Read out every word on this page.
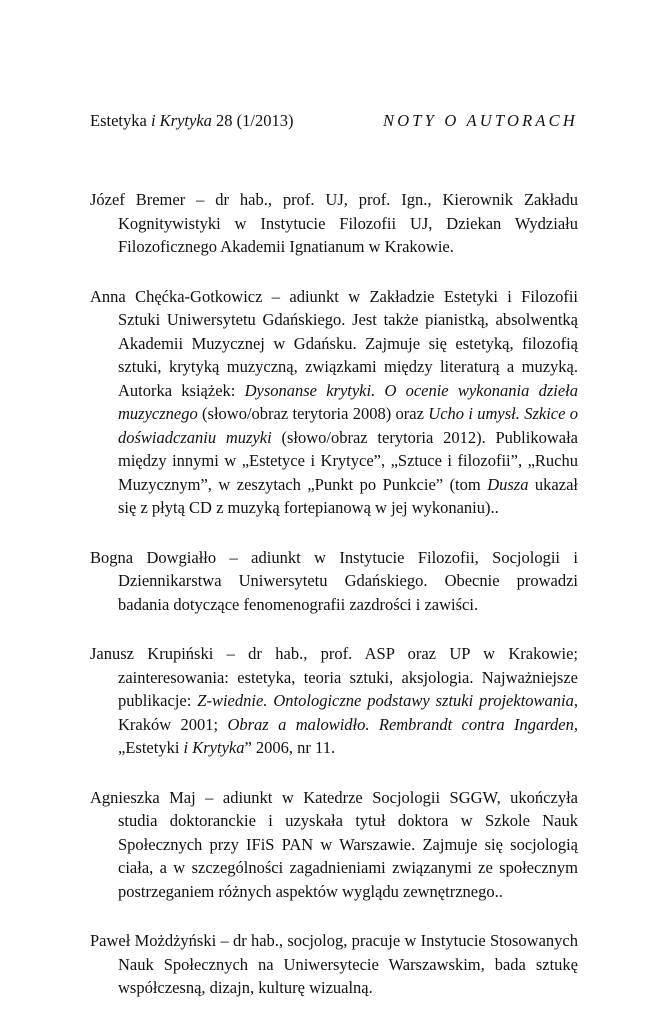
Estetyka i Krytyka 28 (1/2013)	NOTY O AUTORACH

Józef Bremer – dr hab., prof. UJ, prof. Ign., Kierownik Zakładu Kognitywistyki w Instytucie Filozofii UJ, Dziekan Wydziału Filozoficznego Akademii Ignatianum w Krakowie.

Anna Chęćka-Gotkowicz – adiunkt w Zakładzie Estetyki i Filozofii Sztuki Uniwersytetu Gdańskiego. Jest także pianistką, absolwentką Akademii Muzycznej w Gdańsku. Zajmuje się estetyką, filozofią sztuki, krytyką muzyczną, związkami między literaturą a muzyką. Autorka książek: Dysonanse krytyki. O ocenie wykonania dzieła muzycznego (słowo/obraz terytoria 2008) oraz Ucho i umysł. Szkice o doświadczaniu muzyki (słowo/obraz terytoria 2012). Publikowała między innymi w „Estetyce i Krytyce”, „Sztuce i filozofii”, „Ruchu Muzycznym”, w zeszytach „Punkt po Punkcie” (tom Dusza ukazał się z płytą CD z muzyką fortepianową w jej wykonaniu)..

Bogna Dowgiałło – adiunkt w Instytucie Filozofii, Socjologii i Dziennikarstwa Uniwersytetu Gdańskiego. Obecnie prowadzi badania dotyczące fenomenografii zazdrości i zawiści.

Janusz Krupiński – dr hab., prof. ASP oraz UP w Krakowie; zainteresowania: estetyka, teoria sztuki, aksjologia. Najważniejsze publikacje: Z-wiednie. Ontologiczne podstawy sztuki projektowania, Kraków 2001; Obraz a malowidło. Rembrandt contra Ingarden, „Estetyki i Krytyka” 2006, nr 11.

Agnieszka Maj – adiunkt w Katedrze Socjologii SGGW, ukończyła studia doktoranckie i uzyskała tytuł doktora w Szkole Nauk Społecznych przy IFiS PAN w Warszawie. Zajmuje się socjologią ciała, a w szczególności zagadnieniami związanymi ze społecznym postrzeganiem różnych aspektów wyglądu zewnętrznego..

Paweł Możdżyński – dr hab., socjolog, pracuje w Instytucie Stosowanych Nauk Społecznych na Uniwersytecie Warszawskim, bada sztukę współczesną, dizajn, kulturę wizualną.
